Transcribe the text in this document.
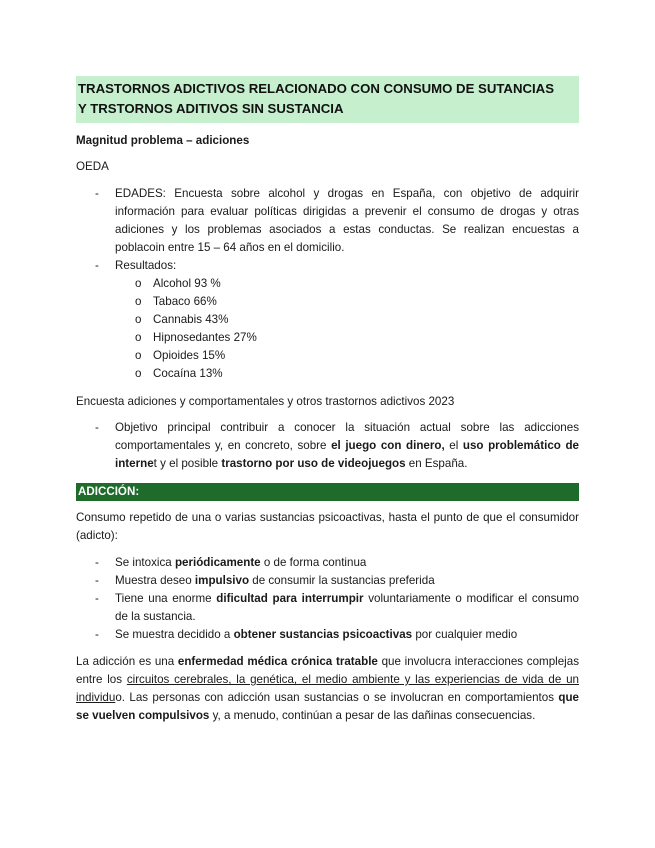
TRASTORNOS ADICTIVOS RELACIONADO CON CONSUMO DE SUTANCIAS
Y TRSTORNOS ADITIVOS SIN SUSTANCIA
Magnitud problema – adiciones
OEDA
- EDADES: Encuesta sobre alcohol y drogas en España, con objetivo de adquirir información para evaluar políticas dirigidas a prevenir el consumo de drogas y otras adiciones y los problemas asociados a estas conductas. Se realizan encuestas a poblacoin entre 15 – 64 años en el domicilio.
- Resultados:
o Alcohol 93 %
o Tabaco 66%
o Cannabis 43%
o Hipnosedantes 27%
o Opioides 15%
o Cocaína 13%
Encuesta adiciones y comportamentales y otros trastornos adictivos 2023
- Objetivo principal contribuir a conocer la situación actual sobre las adicciones comportamentales y, en concreto, sobre el juego con dinero, el uso problemático de internet y el posible trastorno por uso de videojuegos en España.
ADICCIÓN:
Consumo repetido de una o varias sustancias psicoactivas, hasta el punto de que el consumidor (adicto):
- Se intoxica periódicamente o de forma continua
- Muestra deseo impulsivo de consumir la sustancias preferida
- Tiene una enorme dificultad para interrumpir voluntariamente o modificar el consumo de la sustancia.
- Se muestra decidido a obtener sustancias psicoactivas por cualquier medio
La adicción es una enfermedad médica crónica tratable que involucra interacciones complejas entre los circuitos cerebrales, la genética, el medio ambiente y las experiencias de vida de un individuo. Las personas con adicción usan sustancias o se involucran en comportamientos que se vuelven compulsivos y, a menudo, continúan a pesar de las dañinas consecuencias.
